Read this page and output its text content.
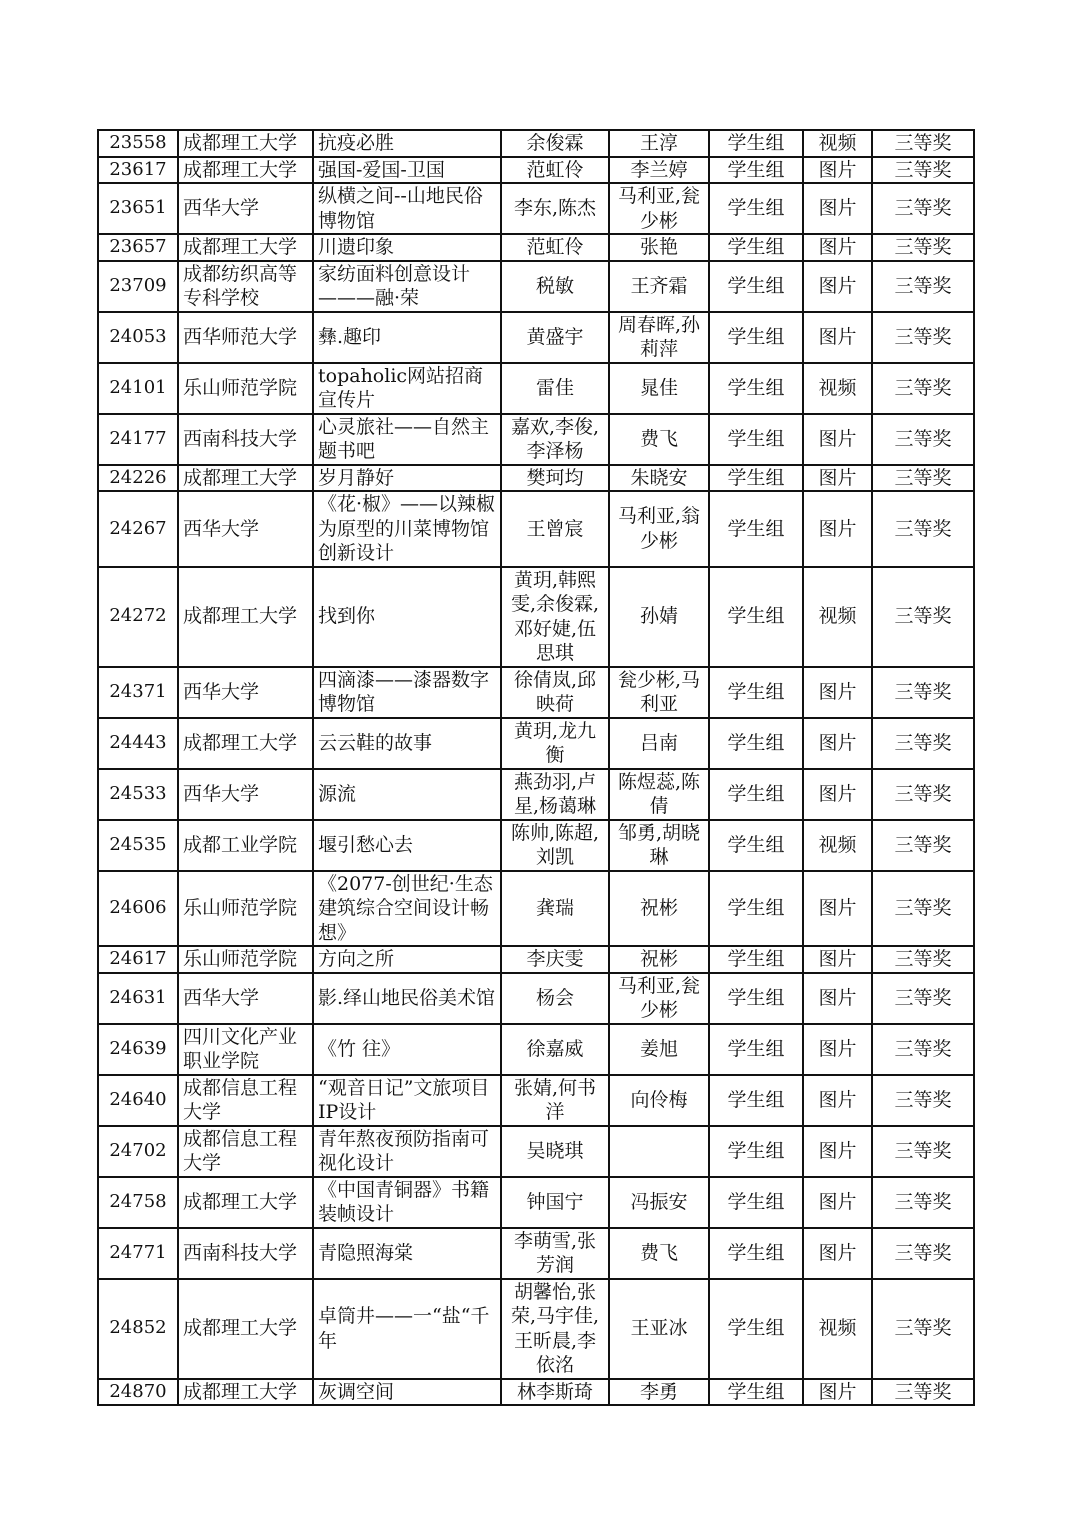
23558	成都理工大学	抗疫必胜	余俊霖	王淳	学生组	视频	三等奖
23617	成都理工大学	强国-爱国-卫国	范虹伶	李兰婷	学生组	图片	三等奖
23651	西华大学	纵横之间--山地民俗博物馆	李东,陈杰	马利亚,瓮少彬	学生组	图片	三等奖
23657	成都理工大学	川遗印象	范虹伶	张艳	学生组	图片	三等奖
23709	成都纺织高等专科学校	家纺面料创意设计———融·荣	税敏	王齐霜	学生组	图片	三等奖
24053	西华师范大学	彝.趣印	黄盛宇	周春晖,孙莉萍	学生组	图片	三等奖
24101	乐山师范学院	topaholic网站招商宣传片	雷佳	晁佳	学生组	视频	三等奖
24177	西南科技大学	心灵旅社——自然主题书吧	嘉欢,李俊,李泽杨	费飞	学生组	图片	三等奖
24226	成都理工大学	岁月静好	樊珂均	朱晓安	学生组	图片	三等奖
24267	西华大学	《花·椒》——以辣椒为原型的川菜博物馆创新设计	王曾宸	马利亚,翁少彬	学生组	图片	三等奖
24272	成都理工大学	找到你	黄玥,韩熙雯,余俊霖,邓好婕,伍思琪	孙婧	学生组	视频	三等奖
24371	西华大学	四滴漆——漆器数字博物馆	徐倩岚,邱映荷	瓮少彬,马利亚	学生组	图片	三等奖
24443	成都理工大学	云云鞋的故事	黄玥,龙九衡	吕南	学生组	图片	三等奖
24533	西华大学	源流	燕劲羽,卢星,杨蔼琳	陈煜蕊,陈倩	学生组	图片	三等奖
24535	成都工业学院	堰引愁心去	陈帅,陈超,刘凯	邹勇,胡晓琳	学生组	视频	三等奖
24606	乐山师范学院	《2077-创世纪·生态建筑综合空间设计畅想》	龚瑞	祝彬	学生组	图片	三等奖
24617	乐山师范学院	方向之所	李庆雯	祝彬	学生组	图片	三等奖
24631	西华大学	影.绎山地民俗美术馆	杨会	马利亚,瓮少彬	学生组	图片	三等奖
24639	四川文化产业职业学院	《竹 往》	徐嘉威	姜旭	学生组	图片	三等奖
24640	成都信息工程大学	“观音日记”文旅项目IP设计	张婧,何书洋	向伶梅	学生组	图片	三等奖
24702	成都信息工程大学	青年熬夜预防指南可视化设计	吴晓琪		学生组	图片	三等奖
24758	成都理工大学	《中国青铜器》书籍装帧设计	钟国宁	冯振安	学生组	图片	三等奖
24771	西南科技大学	青隐照海棠	李萌雪,张芳润	费飞	学生组	图片	三等奖
24852	成都理工大学	卓筒井——一“盐“千年	胡馨怡,张荣,马宇佳,王昕晨,李依洺	王亚冰	学生组	视频	三等奖
24870	成都理工大学	灰调空间	林李斯琦	李勇	学生组	图片	三等奖
